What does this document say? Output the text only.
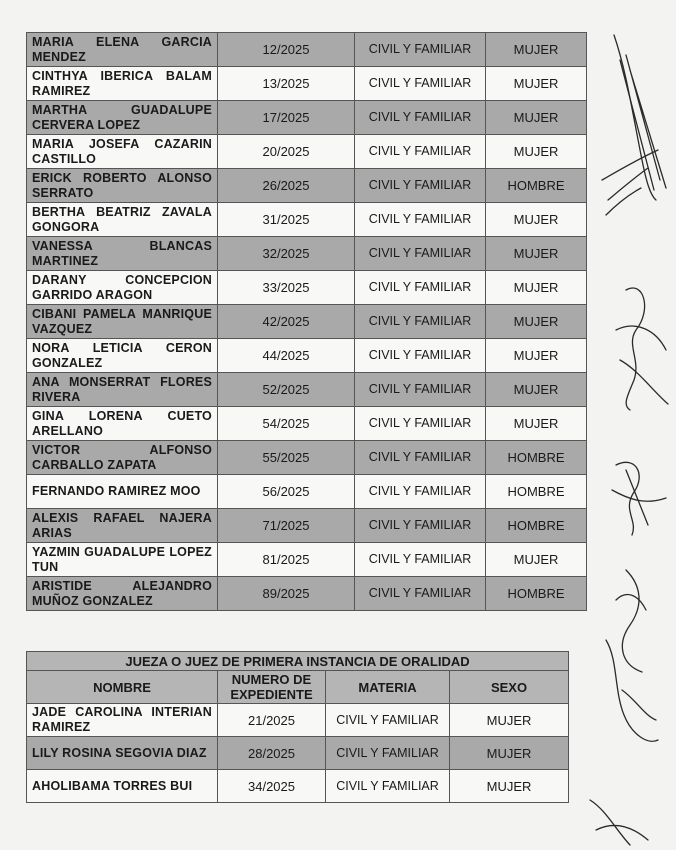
MARIA ELENA GARCIA MENDEZ	12/2025	CIVIL Y FAMILIAR	MUJER
CINTHYA IBERICA BALAM RAMIREZ	13/2025	CIVIL Y FAMILIAR	MUJER
MARTHA GUADALUPE CERVERA LOPEZ	17/2025	CIVIL Y FAMILIAR	MUJER
MARIA JOSEFA CAZARIN CASTILLO	20/2025	CIVIL Y FAMILIAR	MUJER
ERICK ROBERTO ALONSO SERRATO	26/2025	CIVIL Y FAMILIAR	HOMBRE
BERTHA BEATRIZ ZAVALA GONGORA	31/2025	CIVIL Y FAMILIAR	MUJER
VANESSA BLANCAS MARTINEZ	32/2025	CIVIL Y FAMILIAR	MUJER
DARANY CONCEPCION GARRIDO ARAGON	33/2025	CIVIL Y FAMILIAR	MUJER
CIBANI PAMELA MANRIQUE VAZQUEZ	42/2025	CIVIL Y FAMILIAR	MUJER
NORA LETICIA CERON GONZALEZ	44/2025	CIVIL Y FAMILIAR	MUJER
ANA MONSERRAT FLORES RIVERA	52/2025	CIVIL Y FAMILIAR	MUJER
GINA LORENA CUETO ARELLANO	54/2025	CIVIL Y FAMILIAR	MUJER
VICTOR ALFONSO CARBALLO ZAPATA	55/2025	CIVIL Y FAMILIAR	HOMBRE
FERNANDO RAMIREZ MOO	56/2025	CIVIL Y FAMILIAR	HOMBRE
ALEXIS RAFAEL NAJERA ARIAS	71/2025	CIVIL Y FAMILIAR	HOMBRE
YAZMIN GUADALUPE LOPEZ TUN	81/2025	CIVIL Y FAMILIAR	MUJER
ARISTIDE ALEJANDRO MUÑOZ GONZALEZ	89/2025	CIVIL Y FAMILIAR	HOMBRE
JUEZA O JUEZ DE PRIMERA INSTANCIA DE ORALIDAD			
NOMBRE	NUMERO DE EXPEDIENTE	MATERIA	SEXO
JADE CAROLINA INTERIAN RAMIREZ	21/2025	CIVIL Y FAMILIAR	MUJER
LILY ROSINA SEGOVIA DIAZ	28/2025	CIVIL Y FAMILIAR	MUJER
AHOLIBAMA TORRES BUI	34/2025	CIVIL Y FAMILIAR	MUJER
